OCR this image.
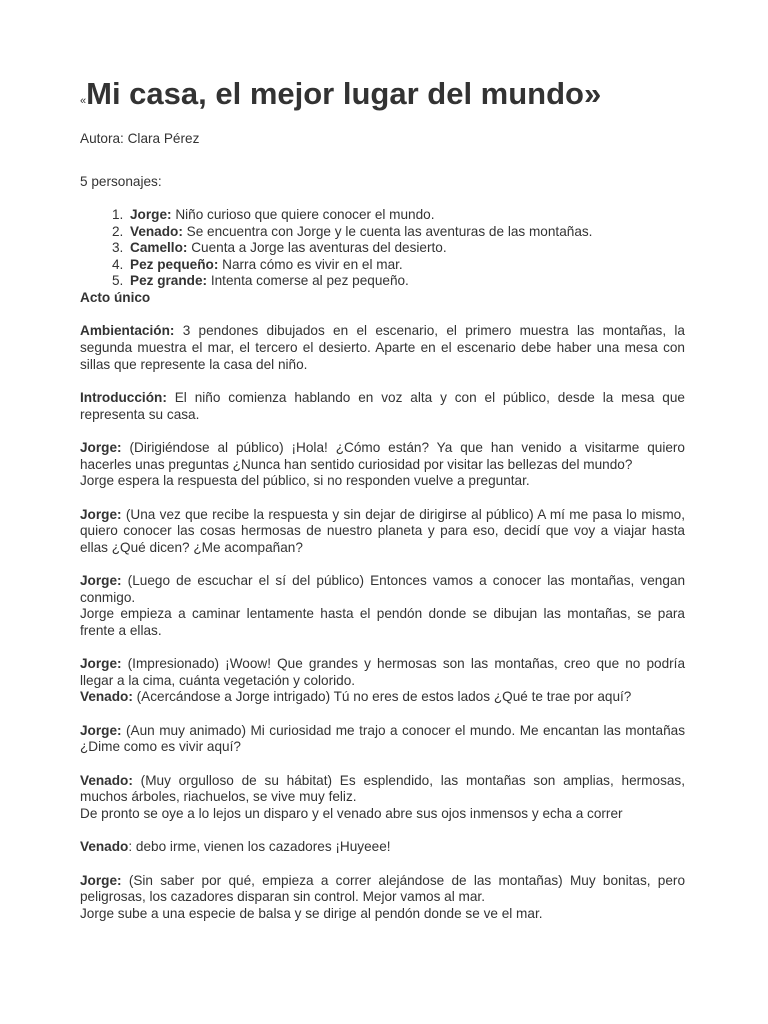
«Mi casa, el mejor lugar del mundo»
Autora: Clara Pérez
5 personajes:
1. Jorge: Niño curioso que quiere conocer el mundo.
2. Venado: Se encuentra con Jorge y le cuenta las aventuras de las montañas.
3. Camello: Cuenta a Jorge las aventuras del desierto.
4. Pez pequeño: Narra cómo es vivir en el mar.
5. Pez grande: Intenta comerse al pez pequeño.

Acto único

Ambientación: 3 pendones dibujados en el escenario, el primero muestra las montañas, la segunda muestra el mar, el tercero el desierto. Aparte en el escenario debe haber una mesa con sillas que represente la casa del niño.

Introducción: El niño comienza hablando en voz alta y con el público, desde la mesa que representa su casa.

Jorge: (Dirigiéndose al público) ¡Hola! ¿Cómo están? Ya que han venido a visitarme quiero hacerles unas preguntas ¿Nunca han sentido curiosidad por visitar las bellezas del mundo?
Jorge espera la respuesta del público, si no responden vuelve a preguntar.

Jorge: (Una vez que recibe la respuesta y sin dejar de dirigirse al público) A mí me pasa lo mismo, quiero conocer las cosas hermosas de nuestro planeta y para eso, decidí que voy a viajar hasta ellas ¿Qué dicen? ¿Me acompañan?

Jorge: (Luego de escuchar el sí del público) Entonces vamos a conocer las montañas, vengan conmigo.
Jorge empieza a caminar lentamente hasta el pendón donde se dibujan las montañas, se para frente a ellas.

Jorge: (Impresionado) ¡Woow! Que grandes y hermosas son las montañas, creo que no podría llegar a la cima, cuánta vegetación y colorido.
Venado: (Acercándose a Jorge intrigado) Tú no eres de estos lados ¿Qué te trae por aquí?

Jorge: (Aun muy animado) Mi curiosidad me trajo a conocer el mundo. Me encantan las montañas ¿Dime como es vivir aquí?

Venado: (Muy orgulloso de su hábitat) Es esplendido, las montañas son amplias, hermosas, muchos árboles, riachuelos, se vive muy feliz.
De pronto se oye a lo lejos un disparo y el venado abre sus ojos inmensos y echa a correr

Venado: debo irme, vienen los cazadores ¡Huyeee!

Jorge: (Sin saber por qué, empieza a correr alejándose de las montañas) Muy bonitas, pero peligrosas, los cazadores disparan sin control. Mejor vamos al mar.
Jorge sube a una especie de balsa y se dirige al pendón donde se ve el mar.
